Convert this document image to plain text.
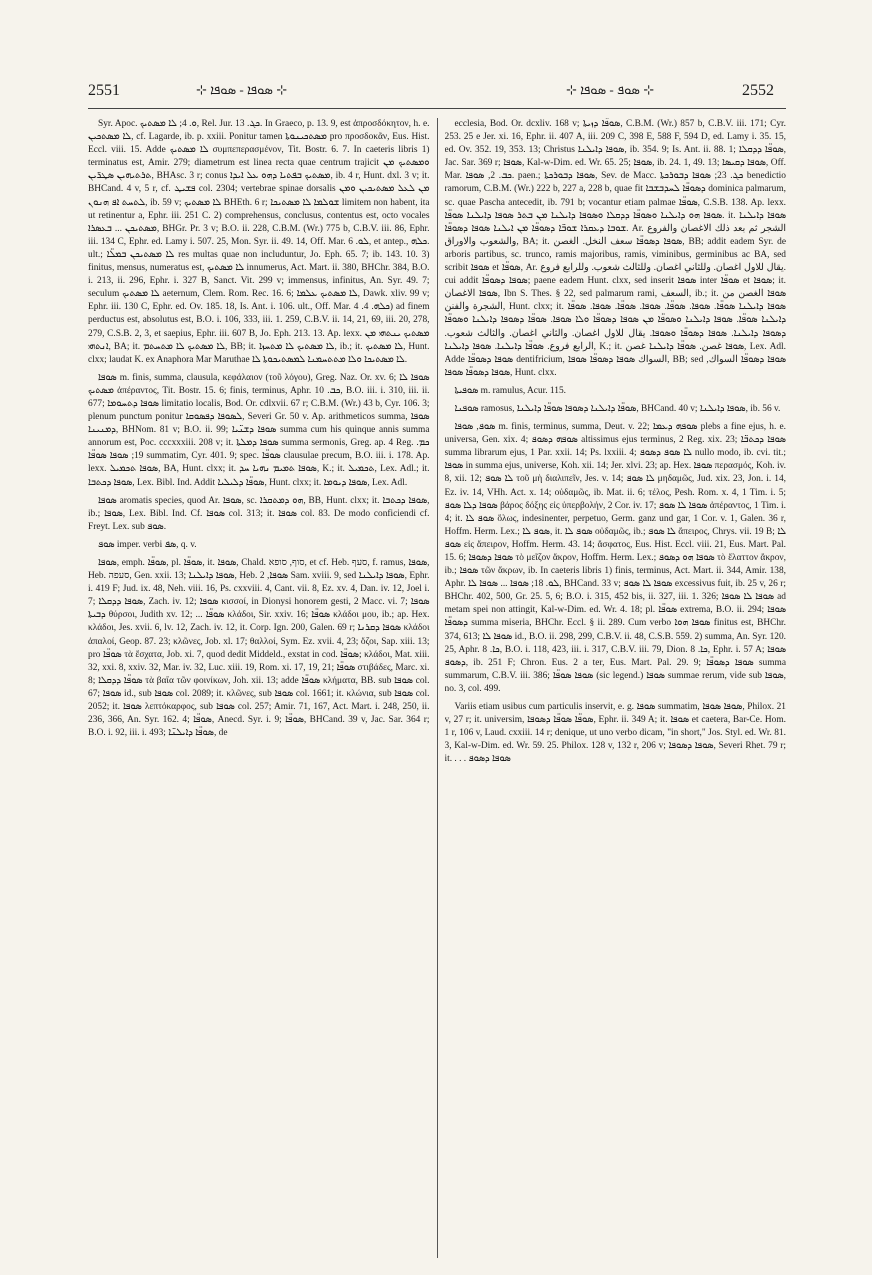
2551	⊹ ܣܘܦܐ - ܣܘܦܐ ⊹	⊹ ܣܘܦ - ܣܘܦܐ ⊹	2552

Syr. Apoc. ܘ. 4; ܠܐ ܡܣܬܝܟ, Rel. Jur. ܟܓ. 13. In Graeco, p. 13. 9, est ἀπροσδόκητον, h. e. ܠܐ ܡܣܬܟܝܢ, cf. Lagarde, ib. p. xxiii. Ponitur tamen ܡܣܬܟܝܢܘܬܐ pro προσδοκᾶν, Eus. Hist. Eccl. viii. 15. Adde ܠܐ ܡܣܬܝܟ συμπεπερασμένον, Tit. Bostr. 6. 7. In caeteris libris 1) terminatus est, Amir. 279; diametrum est linea recta quae centrum trajicit ܘܡܣܬܝܟ ܡܢ ܬܪܬܝܗܝܢ ܣܛܪ̈ܝܢ, BHAsc. 3 r; conus ܡܣܬܝܟ ܒܦܬܝܐ ܕܗܘ ܥܠ ܐܝܕܐ, ib. 4 r, Hunt. dxl. 3 v; it. BHCand. 4 v, 5 r, cf. ܦܫܝܛ col. 2304; vertebrae spinae dorsalis ܡܢ ܠܥܠ ܡܣܬܝܟܝܢ ܘܡܢ ܠܬܚܬ ܐܦ ܗܢܘܢ, ib. 59 v; ܠܐ ܡܣܬܝܟ BHEth. 6 r; ܫܘܠܡܐ ܠܐ ܡܣܬܝܟܐ limitem non habent, ita ut retinentur a, Ephr. iii. 251 C. 2) comprehensus, conclusus, contentus est, octo vocales ܡܣܬܝܟܢ ... ܒܥܣܪܐ, BHGr. Pr. 3 v; B.O. ii. 228, C.B.M. (Wr.) 775 b, C.B.V. iii. 86, Ephr. iii. 134 C, Ephr. ed. Lamy i. 507. 25, Mon. Syr. ii. 49. 14, Off. Mar. ܠܘ. 6, et antep., ܟܠܗ. ult.; ܠܐ ܡܣܬܝܟܢ ܒܡܠ̈ܐ res multas quae non includuntur, Jo. Eph. 65. 7; ib. 143. 10. 3) finitus, mensus, numeratus est, ܠܐ ܡܣܬܝܟ innumerus, Act. Mart. ii. 380, BHChr. 384, B.O. i. 213, ii. 296, Ephr. i. 327 B, Sanct. Vit. 299 v; immensus, infinitus, An. Syr. 49. 7; seculum ܠܐ ܡܣܬܝܟ aeternum, Clem. Rom. Rec. 16. 6; ܠܐ ܡܣܬܝܟ ܥܠܡܐ, Dawk. xliv. 99 v; Ephr. iii. 130 C, Ephr. ed. Ov. 185. 18, Is. Ant. i. 106. ult., Off. Mar. ܟܠܗ. 4. 4) ad finem perductus est, absolutus est, B.O. i. 106, 333, iii. 1. 259, C.B.V. ii. 14, 21, 69, iii. 20, 278, 279, C.S.B. 2, 3, et saepius, Ephr. iii. 607 B, Jo. Eph. 213. 13. Ap. lexx. ܡܣܬܝܟ ܝܢܬܗܝ ܡܢ ܐܢܬܗܝ, BA; it. ܠܐ ܡܣܬܝܟ ܠܐ ܡܬܚܬܡ, BB; it. ܠܐ ܡܣܬܝܟ ܠܐ ܡܬܚܙܐ, ib.; it. ܠܐ ܡܣܬܝܟ, Hunt. clxx; laudat K. ex Anaphora Mar Maruthae ܠܐ ܡܣܬܝܟܐ ܘܠܐ ܡܬܬܚܡܢܐ ܠܡܣܬܝܟܘܬܐ ܠܐ.

ܣܘܦܐ m. finis, summa, clausula, κεφάλαιον (τοῦ λόγου), Greg. Naz. Or. xv. 6; ܣܘܦܐ ܠܐ ܡܣܬܝܟ ἀπέραντος, Tit. Bostr. 15. 6; finis, terminus, Aphr. ܟܒ. 10, B.O. iii. i. 310, iii. ii. 677; ܣܘܦܐ ܕܬܚܘܡܐ limitatio localis, Bod. Or. cdlxvii. 67 r; C.B.M. (Wr.) 43 b, Cyr. 106. 3; plenum punctum ponitur ܠܣܘܦܐ ܕܦܣܘܩܐ, Severi Gr. 50 v. Ap. arithmeticos summa, ܣܘܦܐ ܕܡܢܝܢܐ, BHNom. 81 v; B.O. ii. 99; ܣܘܦܐ ܕܫܢ̈ܝܐ summa cum his quinque annis summa annorum est, Poc. cccxxxiii. 208 v; it. ܣܘܦܐ ܕܡܠܬܐ summa sermonis, Greg. ap. 4 Reg. ܟܡ. 19; ܣܘܦܐ ܣܘܦ̈ܐ summatim, Cyr. 401. 9; spec. ܣܘܦ̈ܐ clausulae precum, B.O. iii. i. 178. Ap. lexx. ܣܘܦܐ ܬܟܡܝܠ, BA, Hunt. clxx; it. ܣܘܦܐ ܬܡܝܡ ܢܗܝܐ ܚܕ, K.; it. ܬܟܡܝܠ, Lex. Adl.; it. ܣܘܦܐ ܕܟܬܒܐ, Lex. Bibl. Ind. Addit ܣܘܦ̈ܐ ܕܠܝܠܝܐ, Hunt. clxx; it. ܣܘܦܐ ܕܝܘܡܐ, Lex. Adl.

ܣܘܦܐ aromatis species, quod Ar. ܣܘܦܐ, sc. ܗܘ ܕܡܬܩܪܐ, BB, Hunt. clxx; it. ܣܘܦܐ ܕܟܬܒܐ, ib.; ܣܘܦܐ, Lex. Bibl. Ind. Cf. ܣܘܦܐ col. 313; it. ܣܘܦܐ col. 83. De modo conficiendi cf. Freyt. Lex. sub ܣܘܦ.

ܣܘܦ imper. verbi ܣܦ, q. v.

ܣܘܦܐ, emph. ܣܘܦ̈ܐ, pl. ܣܘܦ̈ܐ, it. ܣܘܦܐ, Chald. סוף, סופא, et cf. Heb. סעף, f. ramus, ܣܘܦܐ, Heb. סעפה, Gen. xxii. 13; ܣܘܦܐ ܕܐܝܠܢܐ, Heb. ܣܘܦܐ, 2 Sam. xviii. 9, sed ܣܘܦܐ ܕܐܝܠܢܐ, Ephr. i. 419 F; Jud. ix. 48, Neh. viii. 16, Ps. cxxviii. 4, Cant. vii. 8, Ez. xv. 4, Dan. iv. 12, Joel i. 7; ܣܘܦܐ ܕܕܩܠܐ, Zach. iv. 12; ܣܘܦܐ κισσοί, in Dionysi honorem gesti, 2 Macc. vi. 7; ܣܘܦܐ ܕܒܝܬܐ θύρσοι, Judith xv. 12; ... ܣܘܦ̈ܐ κλάδοι, Sir. xxiv. 16; ܣܘܦ̈ܐ κλάδοι μου, ib.; ap. Hex. κλάδοι, Jes. xvii. 6, lv. 12, Zach. iv. 12, it. Corp. Ign. 200, Galen. 69 r; ܣܘܦܐ ܕܩܪܢܐ κλάδοι ἁπαλοί, Geop. 87. 23; κλῶνες, Job. xl. 17; θαλλοί, Sym. Ez. xvii. 4, 23; ὄζοι, Sap. xiii. 13; pro ܣܘܦ̈ܐ τὰ ἔσχατα, Job. xi. 7, quod dedit Middeld., exstat in cod. ܣܘܦ̈ܐ; κλάδοι, Mat. xiii. 32, xxi. 8, xxiv. 32, Mar. iv. 32, Luc. xiii. 19, Rom. xi. 17, 19, 21; ܣܘܦ̈ܐ στιβάδες, Marc. xi. 8; ܣܘܦ̈ܐ ܕܕܩܠܐ τὰ βαΐα τῶν φοινίκων, Joh. xii. 13; adde ܣܘܦ̈ܐ κλήματα, BB. sub ܣܘܦܐ col. 67; ܣܘܦܐ id., sub ܣܘܦܐ col. 2089; it. κλῶνες, sub ܣܘܦܐ col. 1661; it. κλώνια, sub ܣܘܦܐ col. 2052; it. ܣܘܦܐ λεπτόκαρφος, sub ܣܘܦܐ col. 257; Amir. 71, 167, Act. Mart. i. 248, 250, ii. 236, 366, An. Syr. 162. 4; ܣܘܦ̈ܐ, Anecd. Syr. i. 9; ܣܘܦ̈ܐ, BHCand. 39 v, Jac. Sar. 364 r; B.O. i. 92, iii. i. 493; ܣܘܦ̈ܐ ܕܐܝܠܢ̈ܐ, de

ecclesia, Bod. Or. dcxliv. 168 v; ܣܘܦ̈ܐ ܕܙܝܬܐ, C.B.M. (Wr.) 857 b, C.B.V. iii. 171; Cyr. 253. 25 e Jer. xi. 16, Ephr. ii. 407 A, iii. 209 C, 398 E, 588 F, 594 D, ed. Lamy i. 35. 15, ed. Ov. 352. 19, 353. 13; Christus ܣܘܦܐ ܕܐܝܠܢܐ, ib. 354. 9; Is. Ant. ii. 88. 1; ܣܘܦ̈ܐ ܕܕܩܠܐ, Jac. Sar. 369 r; ܣܘܦܐ, Kal-w-Dim. ed. Wr. 65. 25; ܣܘܦܐ, ib. 24. 1, 49. 13; ܣܘܦܐ ܕܩܝܣܐ, Off. Mar. ܟܒ. 2, ܣܘܦܐ. paen.; ܣܘܦܐ ܕܒܘܪܟܬܐ, Sev. de Macc. ܟܓ. 23; ܣܘܦܐ ܕܒܘܪܟܬܐ benedictio ramorum, C.B.M. (Wr.) 222 b, 227 a, 228 b, quae fit ܕܣܘܦ̈ܐ ܠܚܕܒܫܒܐ dominica palmarum, sc. quae Pascha antecedit, ib. 791 b; vocantur etiam palmae ܣܘܦ̈ܐ, C.S.B. 138. Ap. lexx. ܣܘܦܐ ܗܘ ܕܐܝܠܢܐ ܘܣܘܦ̈ܐ ܕܕܩܠܐ ܘܣܘܦܐ ܕܐܝܠܢܐ ܡܢ ܒܬܪ ܣܘܦܐ ܕܐܝܠܢܐ ܣܘܦ̈ܐ. it. ܣܘܦܐ ܕܐܝܠܢܐ ܫܘܒܐ ܕܥܩܪܐ ܫܘܒ̈ܐ ܕܣܘܦ̈ܐ ܡܢ ܐܝܠܢܐ ܣܘܦܐ ܕܣܘܦ̈ܐ. Ar. الشجر ثم بعد ذلك الاغصان والفروع والشعوب والاوراق, BA; it. ܣܘܦܐ ܕܣܘܦ̈ܐ سعف النخل. الغصن, BB; addit eadem Syr. de arboris partibus, sc. trunco, ramis majoribus, ramis, viminibus, germinibus ac BA, sed scribit ܣܘܦܐ et ܣܘܦ̈ܐ, Ar. يقال للاول اغصان. وللثاني اغصان. وللثالث شعوب. وللرابع فروع. cui addit ܣܘܦܐ ܕܣܘܦ̈ܐ; paene eadem Hunt. clxx, sed inserit ܣܘܦܐ inter ܣܘܦ̈ܐ et ܣܘܦܐ; it. ܣܘܦܐ الاغصان, Ibn S. Thes. § 22, sed palmarum rami, السعف, ib.; it. ܣܘܦܐ الغصن من الشجرة والفنن, Hunt. clxx; it. ܣܘܦܐ ܕܐܝܠܢܐ ܣܘܦ̈ܐ. ܣܘܦܐ. ܣܘܦ̈ܐ. ܣܘܦܐ. ܣܘܦ̈ܐ. ܣܘܦܐ. ܣܘܦ̈ܐ ܕܐܝܠܢܐ ܣܘܦ̈ܐ. ܣܘܦܐ ܕܐܝܠܢܐ ܘܣܘܦ̈ܐ ܡܢ ܣܘܦܐ ܕܣܘܦ̈ܐ ܘܠܐ ܣܘܦܐ. ܣܘܦ̈ܐ ܕܣܘܦܐ ܕܐܝܠܢܐ ܘܣܘܦ̈ܐ ܕܣܘܦܐ ܕܐܝܠܢܐ. ܣܘܦܐ ܕܣܘܦ̈ܐ ܘܣܘܦܐ. يقال للاول اغصان. والثاني اغصان. والثالث شعوب. الرابع فروع. ܣܘܦ̈ܐ ܕܐܝܠܢܐ. ܣܘܦܐ ܕܐܝܠܢܐ, K.; it. ܣܘܦܐ غصن. ܣܘܦ̈ܐ ܕܐܝܠܢܐ غصن, Lex. Adl. Adde ܣܘܦܐ ܕܣܘܦ̈ܐ dentifricium, السواك ܣܘܦܐ ܕܣܘܦ̈ܐ ܣܘܦܐ, BB; sed ܣܘܦܐ ܕܣܘܦ̈ܐ السواك, ܣܘܦܐ ܕܣܘܦ̈ܐ ܣܘܦܐ, Hunt. clxx.

ܣܘܦܝܬܐ m. ramulus, Acur. 115.

ܣܘܦܢܐ ramosus, ܣܘܦ̈ܐ ܕܐܝܠܢܐ ܕܣܘܦܐ ܣܘܦ̈ܐ ܕܐܝܠܢܐ, BHCand. 40 v; ܣܘܦܐ ܕܐܝܠܢܐ, ib. 56 v.

ܣܘܦ, ܣܘܦܐ m. finis, terminus, summa, Deut. v. 22; ܣܘܦܗ ܕܥܡܐ plebs a fine ejus, h. e. universa, Gen. xix. 4; ܣܘܦܗ ܕܣܘܦ altissimus ejus terminus, 2 Reg. xix. 23; ܣܘܦܐ ܕܟܬܒ̈ܐ summa librarum ejus, 1 Par. xxii. 14; Ps. lxxiii. 4; ܠܐ ܣܘܦ ܕܣܘܦ nullo modo, ib. cvi. tit.; ܣܘܦܐ in summa ejus, universe, Koh. xii. 14; Jer. xlvi. 23; ap. Hex. ܣܘܦܐ περασμός, Koh. iv. 8, xii. 12; ܠܐ ܣܘܦ τοῦ μὴ διαλιπεῖν, Jes. v. 14; ܠܐ ܣܘܦ μηδαμῶς, Jud. xix. 23, Jon. i. 14, Ez. iv. 14, VHh. Act. x. 14; οὐδαμῶς, ib. Mat. ii. 6; τέλος, Pesh. Rom. x. 4, 1 Tim. i. 5; ܣܘܦܐ ܕܠܐ ܣܘܦ βάρος δόξης εἰς ὑπερβολήν, 2 Cor. iv. 17; ܣܘܦܐ ܠܐ ܣܘܦ ἀπέραντος, 1 Tim. i. 4; it. ܣܘܦ ܠܐ ὅλως, indesinenter, perpetuo, Germ. ganz und gar, 1 Cor. v. 1, Galen. 36 r, Hoffm. Herm. Lex.; ܣܘܦ ܠܐ, it. ܣܘܦ ܠܐ οὐδαμῶς, ib.; ܠܐ ܣܘܦ ἄπειρος, Chrys. vii. 19 B; ܠܐ ܣܘܦ εἰς ἄπειρον, Hoffm. Herm. 43. 14; ἄσφατος, Eus. Hist. Eccl. viii. 21, Eus. Mart. Pal. 15. 6; ܣܘܦܐ ܕܣܘܦܐ τὸ μεῖζον ἄκρον, Hoffm. Herm. Lex.; ܣܘܦܐ ܗܘ ܕܣܘܦ τὸ ἔλαττον ἄκρον, ib.; ܣܘܦܐ τῶν ἄκρων, ib. In caeteris libris 1) finis, terminus, Act. Mart. ii. 344, Amir. 138, Aphr. ܠܘ. 18; ܣܘܦܐ ... ܣܘܦܐ ܠܐ, BHCand. 33 v; ܣܘܦܐ ܠܐ ܣܘܦ excessivus fuit, ib. 25 v, 26 r; BHChr. 402, 500, Gr. 25. 5, 6; B.O. i. 315, 452 bis, ii. 327, iii. 1. 326; ܣܘܦܐ ܠܐ ܣܘܦܐ ad metam spei non attingit, Kal-w-Dim. ed. Wr. 4. 18; pl. ܣܘܦ̈ܐ extrema, B.O. ii. 294; ܣܘܦܐ ܕܣܘܦ̈ܐ summa miseria, BHChr. Eccl. § ii. 289. Cum verbo ܣܘܦܐ ܗܘܐ finitus est, BHChr. 374, 613; ܣܘܦܐ ܠܐ id., B.O. ii. 298, 299, C.B.V. ii. 48, C.S.B. 559. 2) summa, An. Syr. 120. 25, Aphr. ܟܐ. 8, B.O. i. 118, 423, iii. i. 317, C.B.V. iii. 79, Dion. ܟܐ. 8, Ephr. i. 57 A; ܣܘܦܐ ܕܣܘܦ, ib. 251 F; Chron. Eus. 2 a ter, Eus. Mart. Pal. 29. 9; ܣܘܦܐ ܕܣܘܦ̈ܐ summa summarum, C.B.V. iii. 386; ܣܘܦܐ ܣܘܦ̈ܐ (sic legend.) ܣܘܦܐ summae rerum, vide sub ܣܘܦܐ, no. 3, col. 499.

Variis etiam usibus cum particulis inservit, e. g. ܣܘܦܐ summatim, ܣܘܦܐ ܣܘܦܐ, Philox. 21 v, 27 r; it. universim, ܣܘܦ̈ܐ ܣܘܦ̈ܐ ܕܣܘܦܐ, Ephr. ii. 349 A; it. ܣܘܦܐ et caetera, Bar-Ce. Hom. 1 r, 106 v, Laud. cxxiii. 14 r; denique, ut uno verbo dicam, "in short," Jos. Styl. ed. Wr. 81. 3, Kal-w-Dim. ed. Wr. 59. 25. Philox. 128 v, 132 r, 206 v; ܣܘܦܐ ܕܣܘܦܐ, Severi Rhet. 79 r; it. . . . ܣܘܦܐ ܕܣܘܦ
